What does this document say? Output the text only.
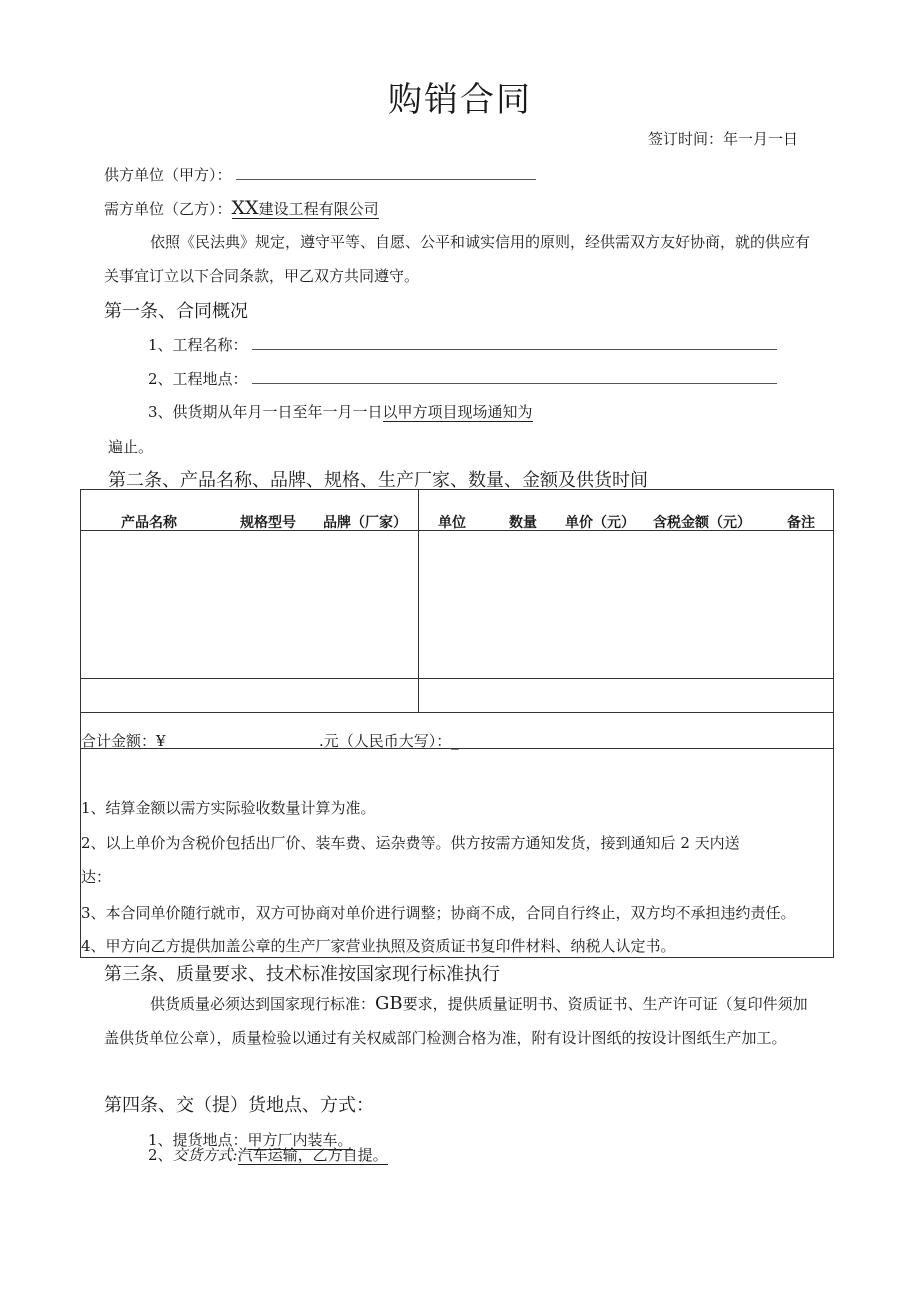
购销合同
签订时间：年一月一日
供方单位（甲方）：
需方单位（乙方）：XX建设工程有限公司
依照《民法典》规定，遵守平等、自愿、公平和诚实信用的原则，经供需双方友好协商，就的供应有
关事宜订立以下合同条款，甲乙双方共同遵守。
第一条、合同概况
1、工程名称：
2、工程地点：
3、供货期从年月一日至年一月一日以甲方项目现场通知为
遍止。
第二条、产品名称、品牌、规格、生产厂家、数量、金额及供货时间
产品名称	规格型号 品牌（厂家） 单位	数量 单价（元） 含税金额（元）	备注
合计金额：¥	.元（人民币大写）：_
1、结算金额以需方实际验收数量计算为准。
2、以上单价为含税价包括出厂价、装车费、运杂费等。供方按需方通知发货，接到通知后 2 天内送
达：
3、本合同单价随行就市，双方可协商对单价进行调整；协商不成，合同自行终止，双方均不承担违约责任。
4、甲方向乙方提供加盖公章的生产厂家营业执照及资质证书复印件材料、纳税人认定书。
第三条、质量要求、技术标准按国家现行标准执行
供货质量必须达到国家现行标准：GB要求，提供质量证明书、资质证书、生产许可证（复印件须加
盖供货单位公章），质量检验以通过有关权威部门检测合格为准，附有设计图纸的按设计图纸生产加工。
第四条、交（提）货地点、方式：
1、提货地点：甲方厂内装车。
2、交货方式:汽车运输，乙方自提。
